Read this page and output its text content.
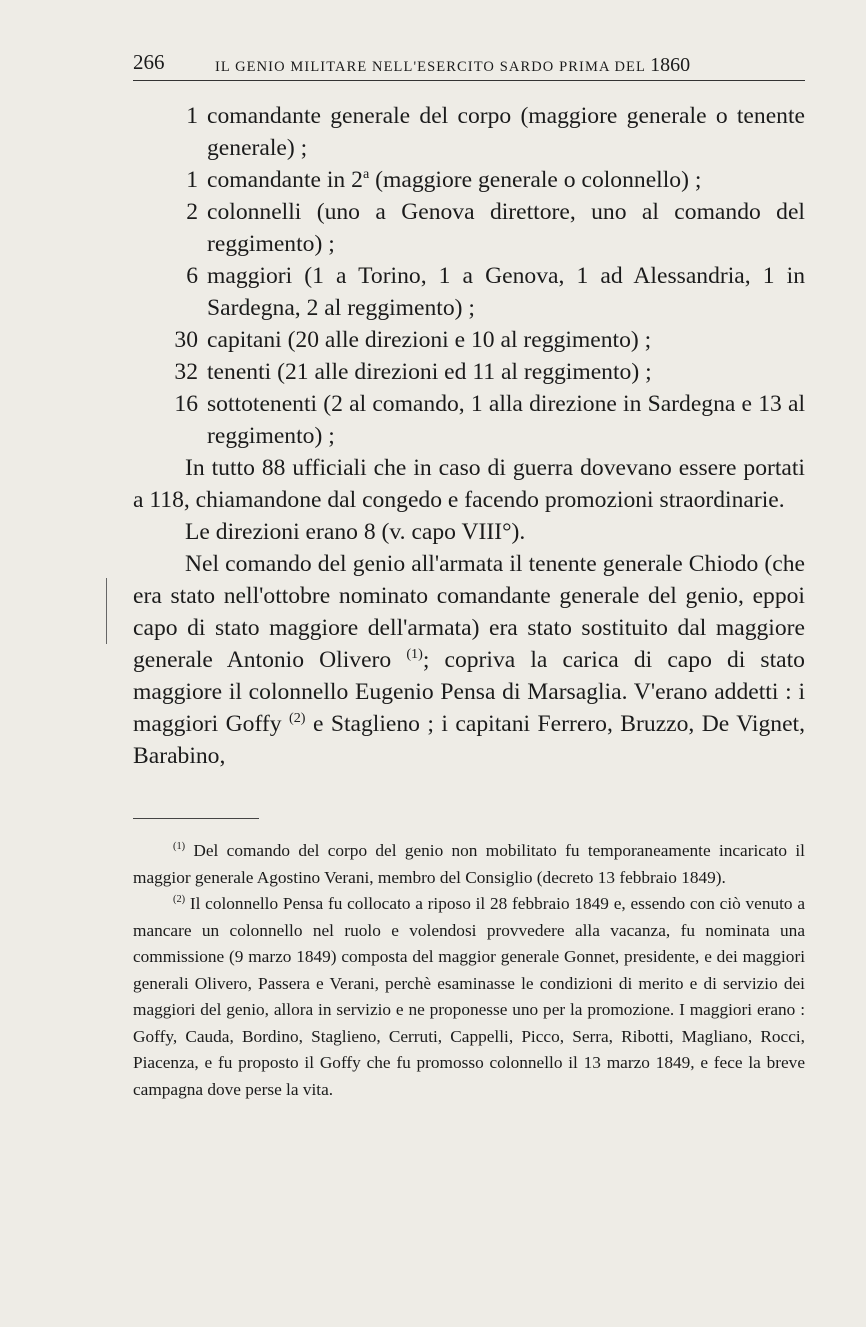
266	IL GENIO MILITARE NELL'ESERCITO SARDO PRIMA DEL 1860

1 comandante generale del corpo (maggiore generale o tenente generale) ;

1 comandante in 2$^a$ (maggiore generale o colonnello) ;

2 colonnelli (uno a Genova direttore, uno al comando del reggimento) ;

6 maggiori (1 a Torino, 1 a Genova, 1 ad Alessandria, 1 in Sardegna, 2 al reggimento) ;

30 capitani (20 alle direzioni e 10 al reggimento) ;

32 tenenti (21 alle direzioni ed 11 al reggimento) ;

16 sottotenenti (2 al comando, 1 alla direzione in Sardegna e 13 al reggimento) ;

In tutto 88 ufficiali che in caso di guerra dovevano essere portati a 118, chiamandone dal congedo e facendo promozioni straordinarie.

Le direzioni erano 8 (v. capo VIII°).

Nel comando del genio all'armata il tenente generale Chiodo (che era stato nell'ottobre nominato comandante generale del genio, eppoi capo di stato maggiore dell'armata) era stato sostituito dal maggiore generale Antonio Olivero $^{(1)}$; copriva la carica di capo di stato maggiore il colonnello Eugenio Pensa di Marsaglia. V'erano addetti : i maggiori Goffy $^{(2)}$ e Staglieno ; i capitani Ferrero, Bruzzo, De Vignet, Barabino,

$^{(1)}$ Del comando del corpo del genio non mobilitato fu temporaneamente incaricato il maggior generale Agostino Verani, membro del Consiglio (decreto 13 febbraio 1849).

$^{(2)}$ Il colonnello Pensa fu collocato a riposo il 28 febbraio 1849 e, essendo con ciò venuto a mancare un colonnello nel ruolo e volendosi provvedere alla vacanza, fu nominata una commissione (9 marzo 1849) composta del maggior generale Gonnet, presidente, e dei maggiori generali Olivero, Passera e Verani, perchè esaminasse le condizioni di merito e di servizio dei maggiori del genio, allora in servizio e ne proponesse uno per la promozione. I maggiori erano : Goffy, Cauda, Bordino, Staglieno, Cerruti, Cappelli, Picco, Serra, Ribotti, Magliano, Rocci, Piacenza, e fu proposto il Goffy che fu promosso colonnello il 13 marzo 1849, e fece la breve campagna dove perse la vita.
